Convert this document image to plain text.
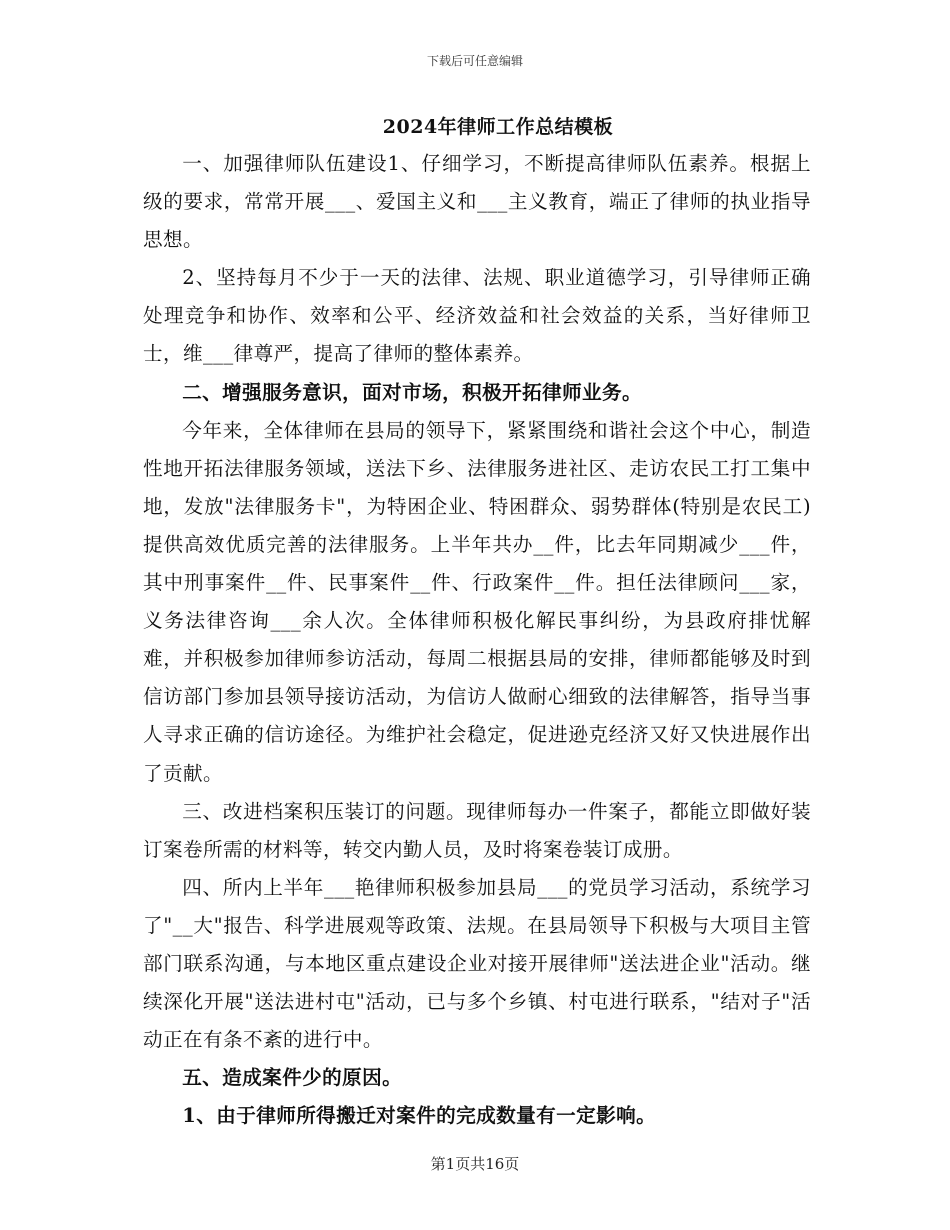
下载后可任意编辑
2024年律师工作总结模板

一、加强律师队伍建设1、仔细学习，不断提高律师队伍素养。根据上级的要求，常常开展___、爱国主义和___主义教育，端正了律师的执业指导思想。

2、坚持每月不少于一天的法律、法规、职业道德学习，引导律师正确处理竞争和协作、效率和公平、经济效益和社会效益的关系，当好律师卫士，维___律尊严，提高了律师的整体素养。

二、增强服务意识，面对市场，积极开拓律师业务。

今年来，全体律师在县局的领导下，紧紧围绕和谐社会这个中心，制造性地开拓法律服务领域，送法下乡、法律服务进社区、走访农民工打工集中地，发放"法律服务卡"，为特困企业、特困群众、弱势群体(特别是农民工)提供高效优质完善的法律服务。上半年共办__件，比去年同期减少___件，其中刑事案件__件、民事案件__件、行政案件__件。担任法律顾问___家，义务法律咨询___余人次。全体律师积极化解民事纠纷，为县政府排忧解难，并积极参加律师参访活动，每周二根据县局的安排，律师都能够及时到信访部门参加县领导接访活动，为信访人做耐心细致的法律解答，指导当事人寻求正确的信访途径。为维护社会稳定，促进逊克经济又好又快进展作出了贡献。

三、改进档案积压装订的问题。现律师每办一件案子，都能立即做好装订案卷所需的材料等，转交内勤人员，及时将案卷装订成册。

四、所内上半年___艳律师积极参加县局___的党员学习活动，系统学习了"__大"报告、科学进展观等政策、法规。在县局领导下积极与大项目主管部门联系沟通，与本地区重点建设企业对接开展律师"送法进企业"活动。继续深化开展"送法进村屯"活动，已与多个乡镇、村屯进行联系，"结对子"活动正在有条不紊的进行中。

五、造成案件少的原因。

1、由于律师所得搬迁对案件的完成数量有一定影响。

第1页共16页
